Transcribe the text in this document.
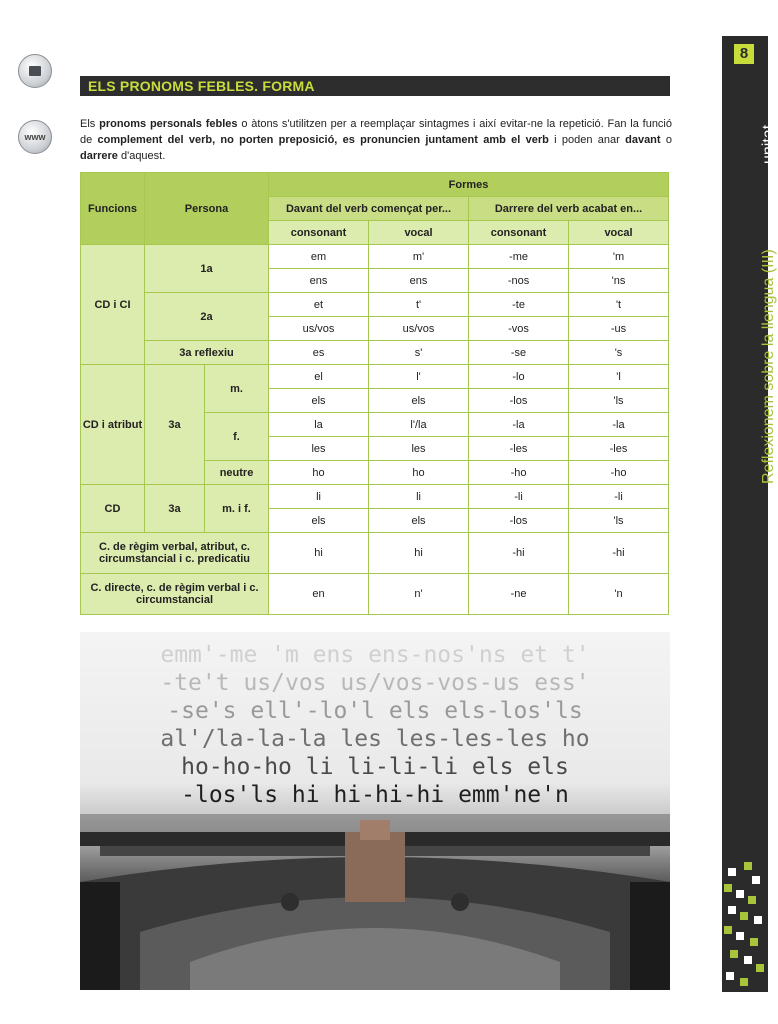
www
ELS PRONOMS FEBLES. FORMA
Els pronoms personals febles o àtons s'utilitzen per a reemplaçar sintagmes i així evitar-ne la repetició. Fan la funció de complement del verb, no porten preposició, es pronuncien juntament amb el verb i poden anar davant o darrere d'aquest.
Funcions	Persona		Formes			
			Davant del verb començat per...		Darrere del verb acabat en...	
			consonant	vocal	consonant	vocal
CD i CI	1a		em	m'	-me	'm
			ens	ens	-nos	'ns
	2a		et	t'	-te	't
			us/vos	us/vos	-vos	-us
	3a reflexiu		es	s'	-se	's
CD i atribut	3a	m.	el	l'	-lo	'l
			els	els	-los	'ls
		f.	la	l'/la	-la	-la
			les	les	-les	-les
		neutre	ho	ho	-ho	-ho
CD	3a	m. i f.	li	li	-li	-li
			els	els	-los	'ls
C. de règim verbal, atribut, c. circumstancial i c. predicatiu			hi	hi	-hi	-hi
C. directe, c. de règim verbal i c. circumstancial			en	n'	-ne	'n
emm'-me 'm ens ens-nos'ns et t'
-te't us/vos us/vos-vos-us ess'
-se's ell'-lo'l els els-los'ls
al'/la-la-la les les-les-les ho
ho-ho-ho li li-li-li els els
-los'ls hi hi-hi-hi emm'ne'n
8
unitat
Reflexionem sobre la llengua (III)
